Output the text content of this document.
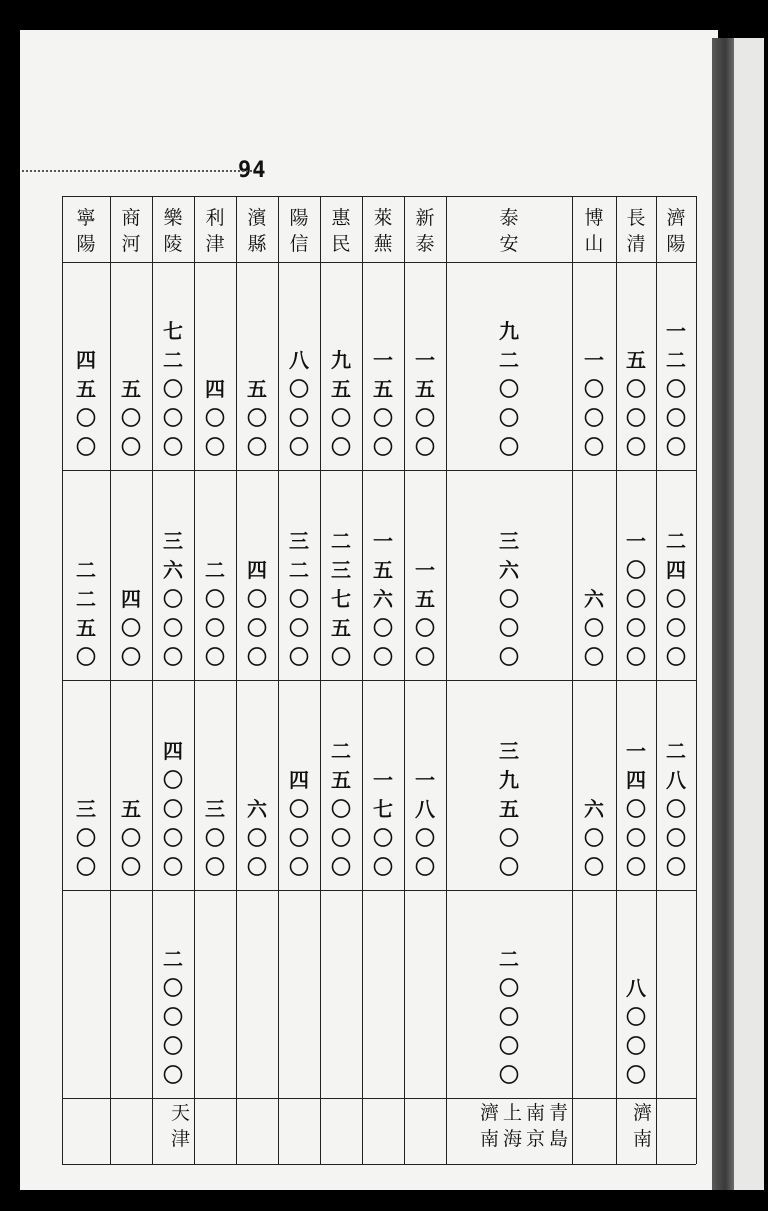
94
濟
陽
一
二
〇
〇
〇
二
四
〇
〇
〇
二
八
〇
〇
〇
長
清
五
〇
〇
〇
一
〇
〇
〇
〇
一
四
〇
〇
〇
八
〇
〇
〇
濟
南
博
山
一
〇
〇
〇
六
〇
〇
六
〇
〇
泰
安
九
二
〇
〇
〇
三
六
〇
〇
〇
三
九
五
〇
〇
二
〇
〇
〇
〇
青
島
南
京
上
海
濟
南
新
泰
一
五
〇
〇
一
五
〇
〇
一
八
〇
〇
萊
蕪
一
五
〇
〇
一
五
六
〇
〇
一
七
〇
〇
惠
民
九
五
〇
〇
二
三
七
五
〇
二
五
〇
〇
〇
陽
信
八
〇
〇
〇
三
二
〇
〇
〇
四
〇
〇
〇
濱
縣
五
〇
〇
四
〇
〇
〇
六
〇
〇
利
津
四
〇
〇
二
〇
〇
〇
三
〇
〇
樂
陵
七
二
〇
〇
〇
三
六
〇
〇
〇
四
〇
〇
〇
〇
二
〇
〇
〇
〇
天
津
商
河
五
〇
〇
四
〇
〇
五
〇
〇
寧
陽
四
五
〇
〇
二
二
五
〇
三
〇
〇
